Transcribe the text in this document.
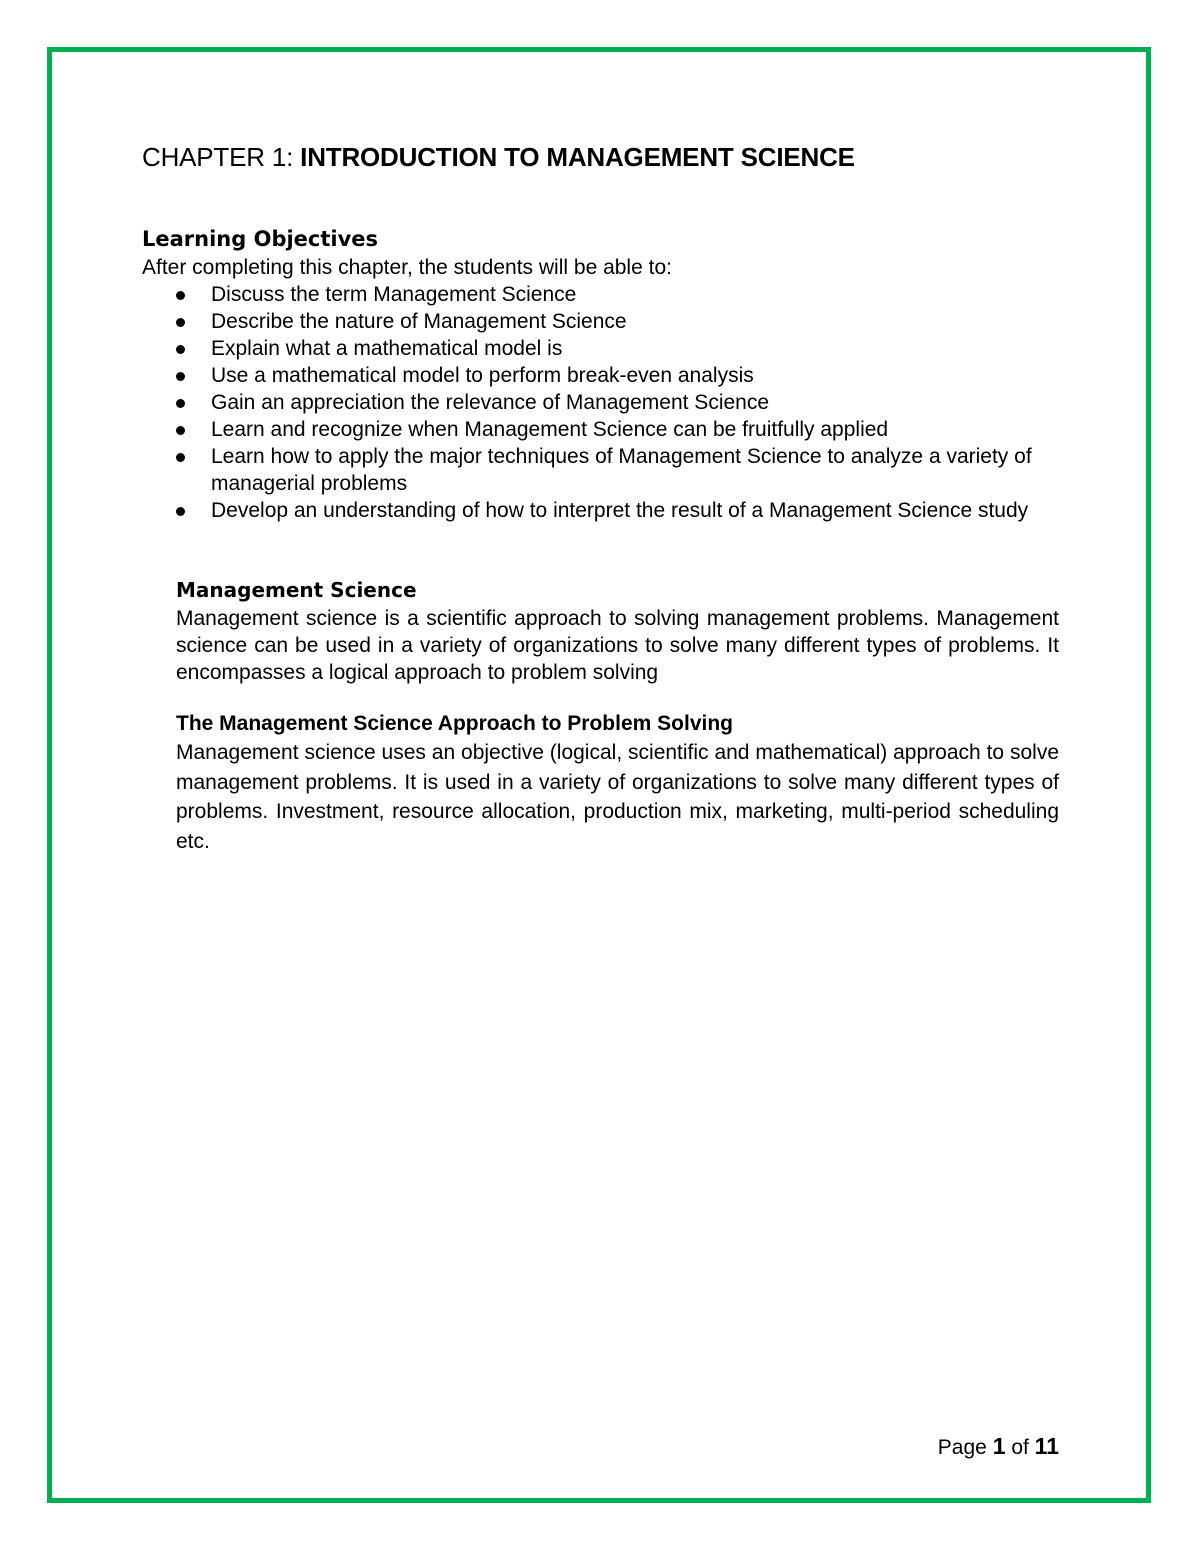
CHAPTER 1: INTRODUCTION TO MANAGEMENT SCIENCE

Learning Objectives

After completing this chapter, the students will be able to:

Discuss the term Management Science
Describe the nature of Management Science
Explain what a mathematical model is
Use a mathematical model to perform break-even analysis
Gain an appreciation the relevance of Management Science
Learn and recognize when Management Science can be fruitfully applied
Learn how to apply the major techniques of Management Science to analyze a variety of managerial problems
Develop an understanding of how to interpret the result of a Management Science study

Management Science

Management science is a scientific approach to solving management problems. Management science can be used in a variety of organizations to solve many different types of problems. It encompasses a logical approach to problem solving

The Management Science Approach to Problem Solving

Management science uses an objective (logical, scientific and mathematical) approach to solve management problems. It is used in a variety of organizations to solve many different types of problems. Investment, resource allocation, production mix, marketing, multi-period scheduling etc.

Page 1 of 11
